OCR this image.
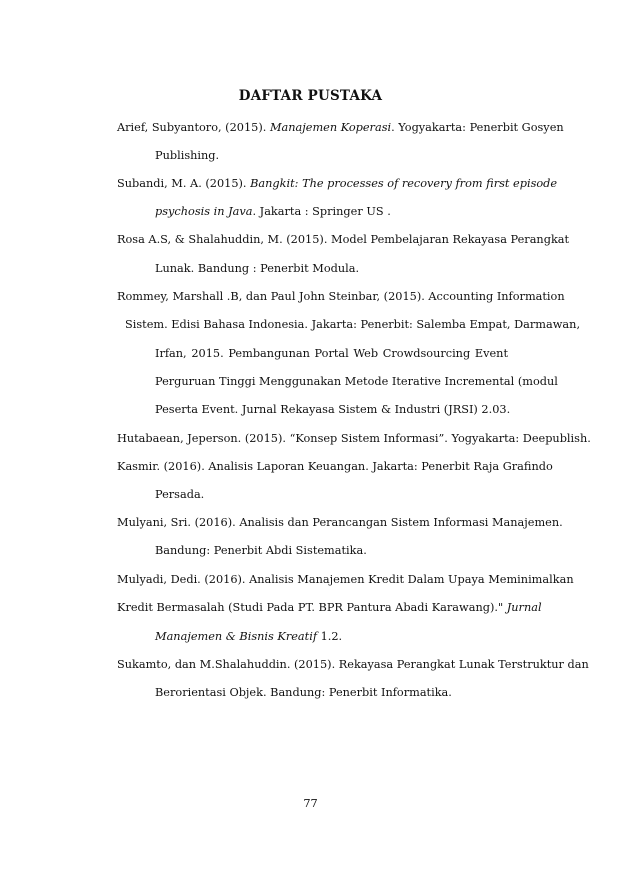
DAFTAR PUSTAKA
Arief, Subyantoro, (2015). Manajemen Koperasi. Yogyakarta: Penerbit Gosyen
Publishing.
Subandi, M. A. (2015). Bangkit: The processes of recovery from first episode
psychosis in Java. Jakarta : Springer US .
Rosa A.S, & Shalahuddin, M. (2015). Model Pembelajaran Rekayasa Perangkat
Lunak. Bandung : Penerbit Modula.
Rommey, Marshall .B, dan Paul John Steinbar, (2015). Accounting Information
Sistem. Edisi Bahasa Indonesia. Jakarta: Penerbit: Salemba Empat, Darmawan,
Irfan, 2015. Pembangunan Portal Web Crowdsourcing Event
Perguruan Tinggi Menggunakan Metode Iterative Incremental (modul
Peserta Event. Jurnal Rekayasa Sistem & Industri (JRSI) 2.03.
Hutabaean, Jeperson. (2015). “Konsep Sistem Informasi”. Yogyakarta: Deepublish.
Kasmir. (2016). Analisis Laporan Keuangan. Jakarta: Penerbit Raja Grafindo
Persada.
Mulyani, Sri. (2016). Analisis dan Perancangan Sistem Informasi Manajemen.
Bandung: Penerbit Abdi Sistematika.
Mulyadi, Dedi. (2016). Analisis Manajemen Kredit Dalam Upaya Meminimalkan
Kredit Bermasalah (Studi Pada PT. BPR Pantura Abadi Karawang)." Jurnal
Manajemen & Bisnis Kreatif 1.2.
Sukamto, dan M.Shalahuddin. (2015). Rekayasa Perangkat Lunak Terstruktur dan
Berorientasi Objek. Bandung: Penerbit Informatika.
77
